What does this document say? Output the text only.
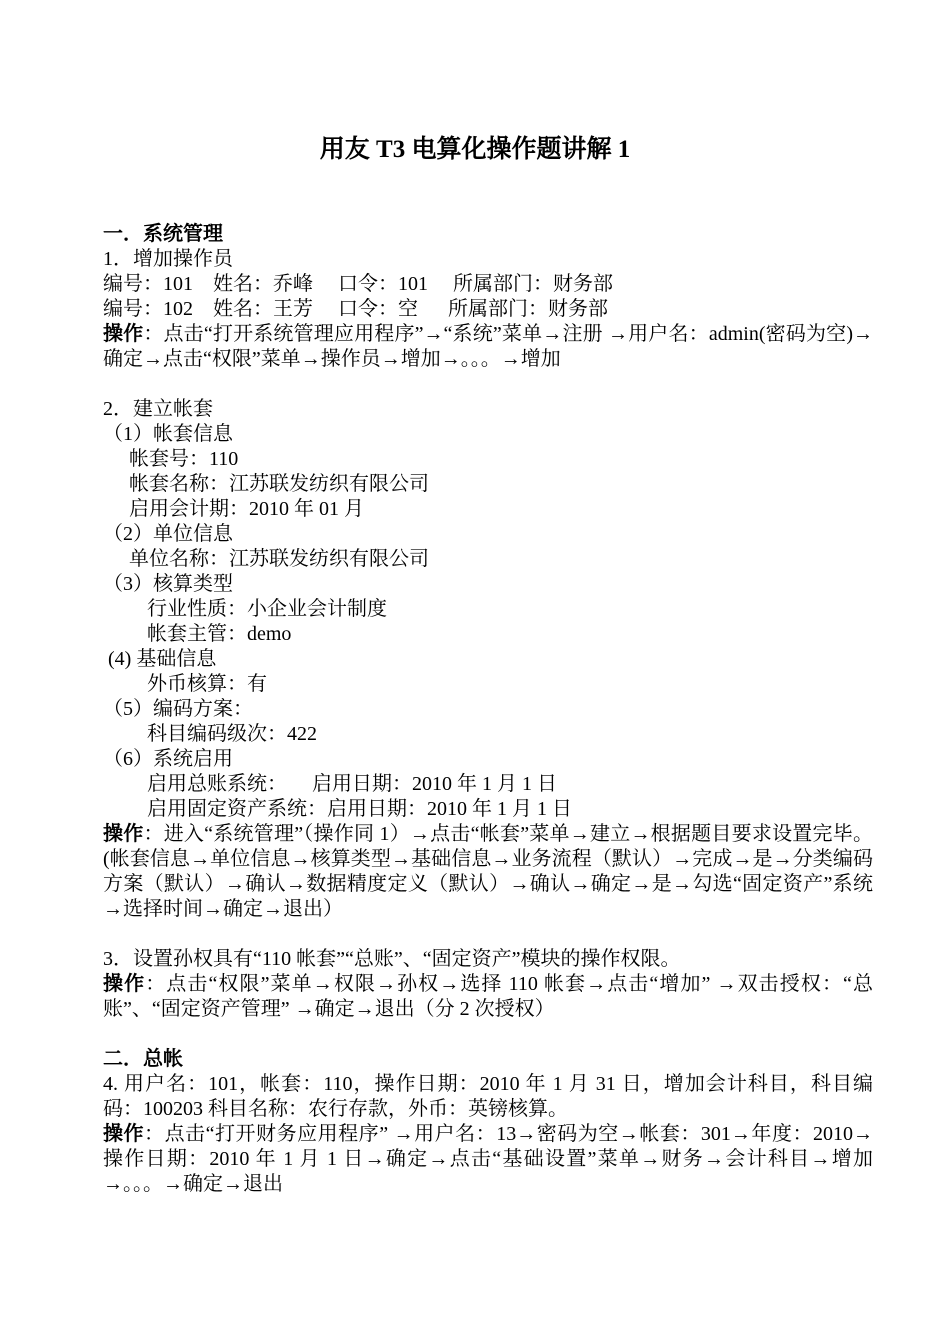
用友 T3 电算化操作题讲解 1
一．系统管理
1．增加操作员
编号：101    姓名：乔峰     口令：101     所属部门：财务部
编号：102    姓名：王芳     口令：空      所属部门：财务部
操作：点击“打开系统管理应用程序”→“系统”菜单→注册 →用户名：admin(密码为空)→确定→点击“权限”菜单→操作员→增加→。。。→增加
2．建立帐套
（1）帐套信息
帐套号：110
帐套名称：江苏联发纺织有限公司
启用会计期：2010 年 01 月
（2）单位信息
单位名称：江苏联发纺织有限公司
（3）核算类型
行业性质：小企业会计制度
帐套主管：demo
(4) 基础信息
外币核算：有
（5）编码方案：
科目编码级次：422
（6）系统启用
启用总账系统：     启用日期：2010 年 1 月 1 日
启用固定资产系统：启用日期：2010 年 1 月 1 日
操作：进入“系统管理”（操作同 1）→点击“帐套”菜单→建立→根据题目要求设置完毕。(帐套信息→单位信息→核算类型→基础信息→业务流程（默认）→完成→是→分类编码方案（默认）→确认→数据精度定义（默认）→确认→确定→是→勾选“固定资产”系统→选择时间→确定→退出）
3．设置孙权具有“110 帐套”“总账”、“固定资产”模块的操作权限。
操作：点击“权限”菜单→权限→孙权→选择 110 帐套→点击“增加” →双击授权：“总账”、“固定资产管理” →确定→退出（分 2 次授权）
二．总帐
4. 用户名：101，帐套：110，操作日期：2010 年 1 月 31 日，增加会计科目，科目编码：100203 科目名称：农行存款，外币：英镑核算。
操作：点击“打开财务应用程序” →用户名：13→密码为空→帐套：301→年度：2010→操作日期：2010 年 1 月 1 日→确定→点击“基础设置”菜单→财务→会计科目→增加→。。。→确定→退出
